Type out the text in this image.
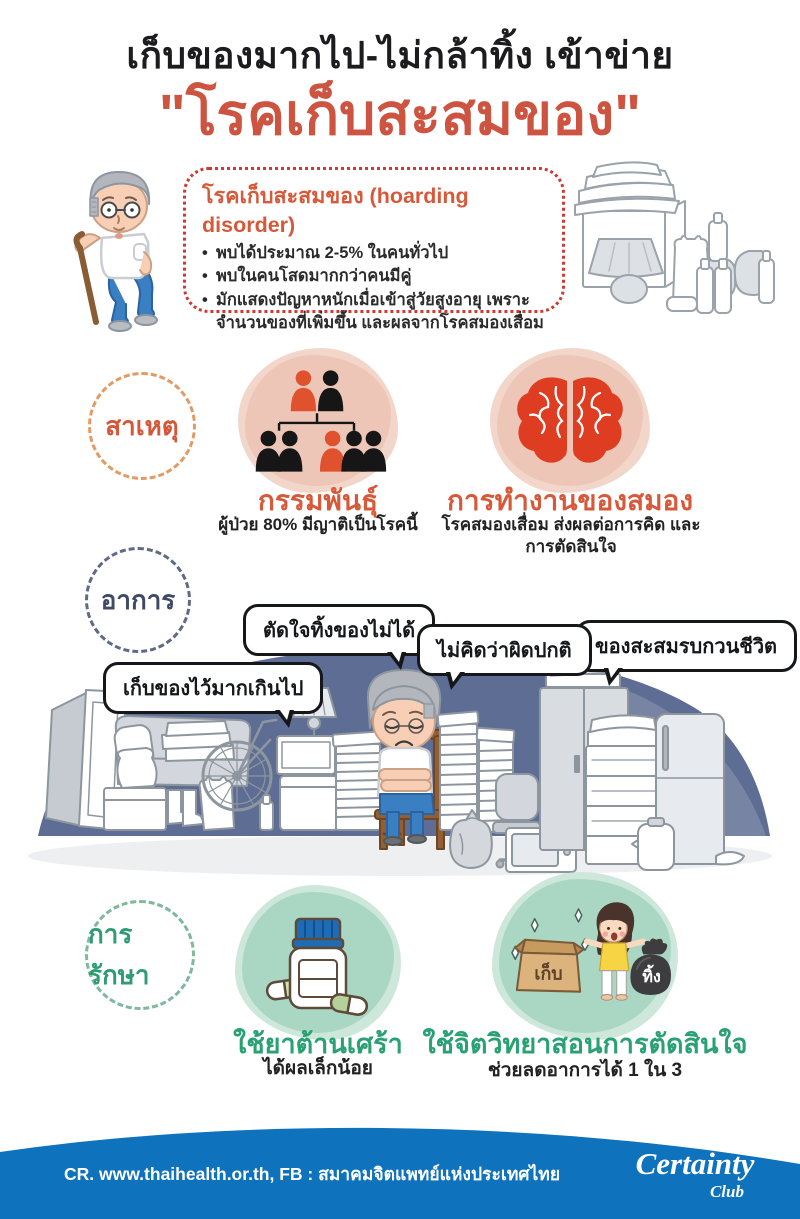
เก็บของมากไป-ไม่กล้าทิ้ง เข้าข่าย
"โรคเก็บสะสมของ"
โรคเก็บสะสมของ (hoarding disorder)
• พบได้ประมาณ 2-5% ในคนทั่วไป
• พบในคนโสดมากกว่าคนมีคู่
• มักแสดงปัญหาหนักเมื่อเข้าสู่วัยสูงอายุ เพราะ จำนวนของที่เพิ่มขึ้น และผลจากโรคสมองเสื่อม
สาเหตุ
กรรมพันธุ์
ผู้ป่วย 80% มีญาติเป็นโรคนี้
การทำงานของสมอง
โรคสมองเสื่อม ส่งผลต่อการคิด และการตัดสินใจ
อาการ
เก็บของไว้มากเกินไป
ตัดใจทิ้งของไม่ได้
ไม่คิดว่าผิดปกติ	ของสะสมรบกวนชีวิต
การรักษา	เก็บ	ทิ้ง
ใช้ยาต้านเศร้า
ได้ผลเล็กน้อย
ใช้จิตวิทยาสอนการตัดสินใจ
ช่วยลดอาการได้ 1 ใน 3
CR. www.thaihealth.or.th, FB : สมาคมจิตแพทย์แห่งประเทศไทย	Certainty
Club
